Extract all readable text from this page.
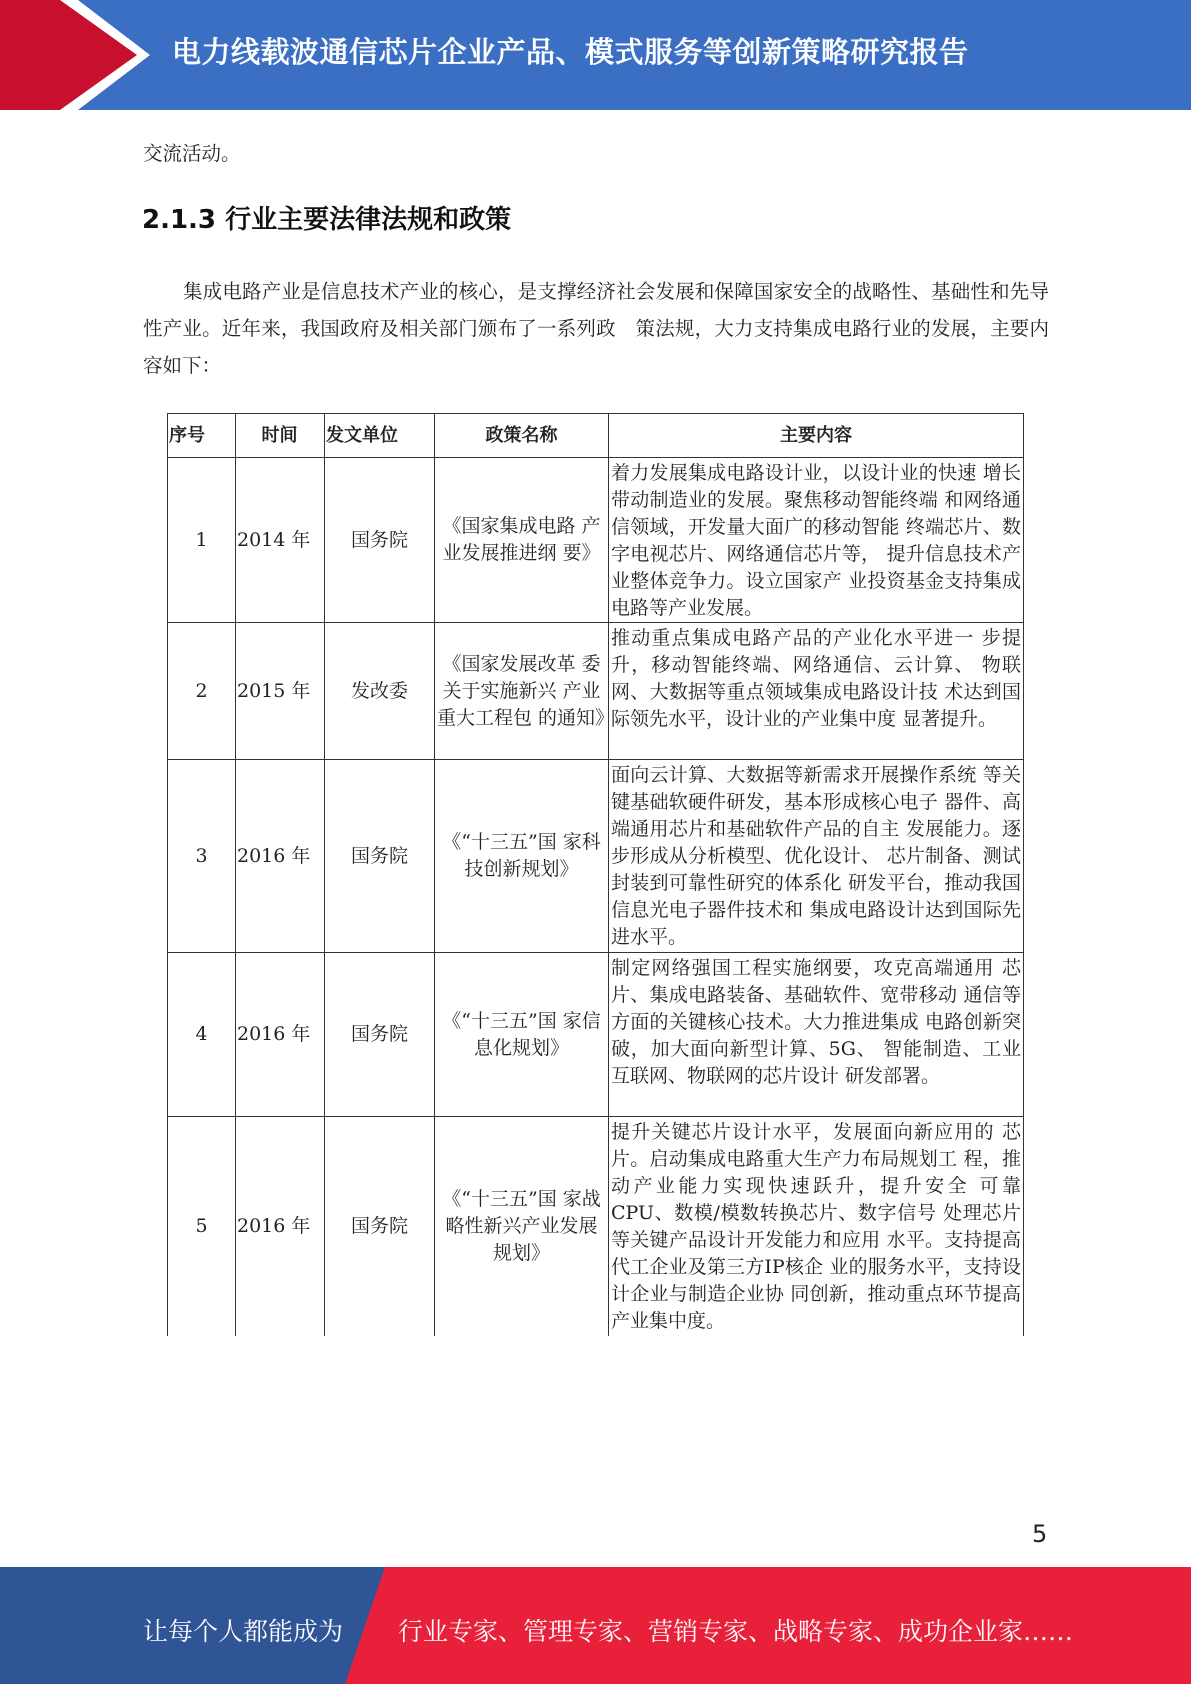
电力线载波通信芯片企业产品、模式服务等创新策略研究报告
交流活动。
2.1.3 行业主要法律法规和政策
集成电路产业是信息技术产业的核心，是支撑经济社会发展和保障国家安全的战略性、基础性和先导性产业。近年来，我国政府及相关部门颁布了一系列政　策法规，大力支持集成电路行业的发展，主要内容如下：
序号	时间	发文单位	政策名称	主要内容
1	2014 年	国务院	《国家集成电路 产业发展推进纲 要》	着力发展集成电路设计业，以设计业的快速 增长带动制造业的发展。聚焦移动智能终端 和网络通信领域，开发量大面广的移动智能 终端芯片、数字电视芯片、网络通信芯片等， 提升信息技术产业整体竞争力。设立国家产 业投资基金支持集成电路等产业发展。
2	2015 年	发改委	《国家发展改革 委关于实施新兴 产业重大工程包 的通知》	推动重点集成电路产品的产业化水平进一 步提升，移动智能终端、网络通信、云计算、 物联网、大数据等重点领域集成电路设计技 术达到国际领先水平，设计业的产业集中度 显著提升。
3	2016 年	国务院	《“十三五”国 家科技创新规划》	面向云计算、大数据等新需求开展操作系统 等关键基础软硬件研发，基本形成核心电子 器件、高端通用芯片和基础软件产品的自主 发展能力。逐步形成从分析模型、优化设计、 芯片制备、测试封装到可靠性研究的体系化 研发平台，推动我国信息光电子器件技术和 集成电路设计达到国际先进水平。
4	2016 年	国务院	《“十三五”国 家信息化规划》	制定网络强国工程实施纲要，攻克高端通用 芯片、集成电路装备、基础软件、宽带移动 通信等方面的关键核心技术。大力推进集成 电路创新突破，加大面向新型计算、5G、 智能制造、工业互联网、物联网的芯片设计 研发部署。
5	2016 年	国务院	《“十三五”国 家战略性新兴产业发展规划》	提升关键芯片设计水平，发展面向新应用的 芯片。启动集成电路重大生产力布局规划工 程，推动产业能力实现快速跃升，提升安全 可靠CPU、数模/模数转换芯片、数字信号 处理芯片等关键产品设计开发能力和应用 水平。支持提高代工企业及第三方IP核企 业的服务水平，支持设计企业与制造企业协 同创新，推动重点环节提高产业集中度。
5
让每个人都能成为 行业专家、管理专家、营销专家、战略专家、成功企业家……
